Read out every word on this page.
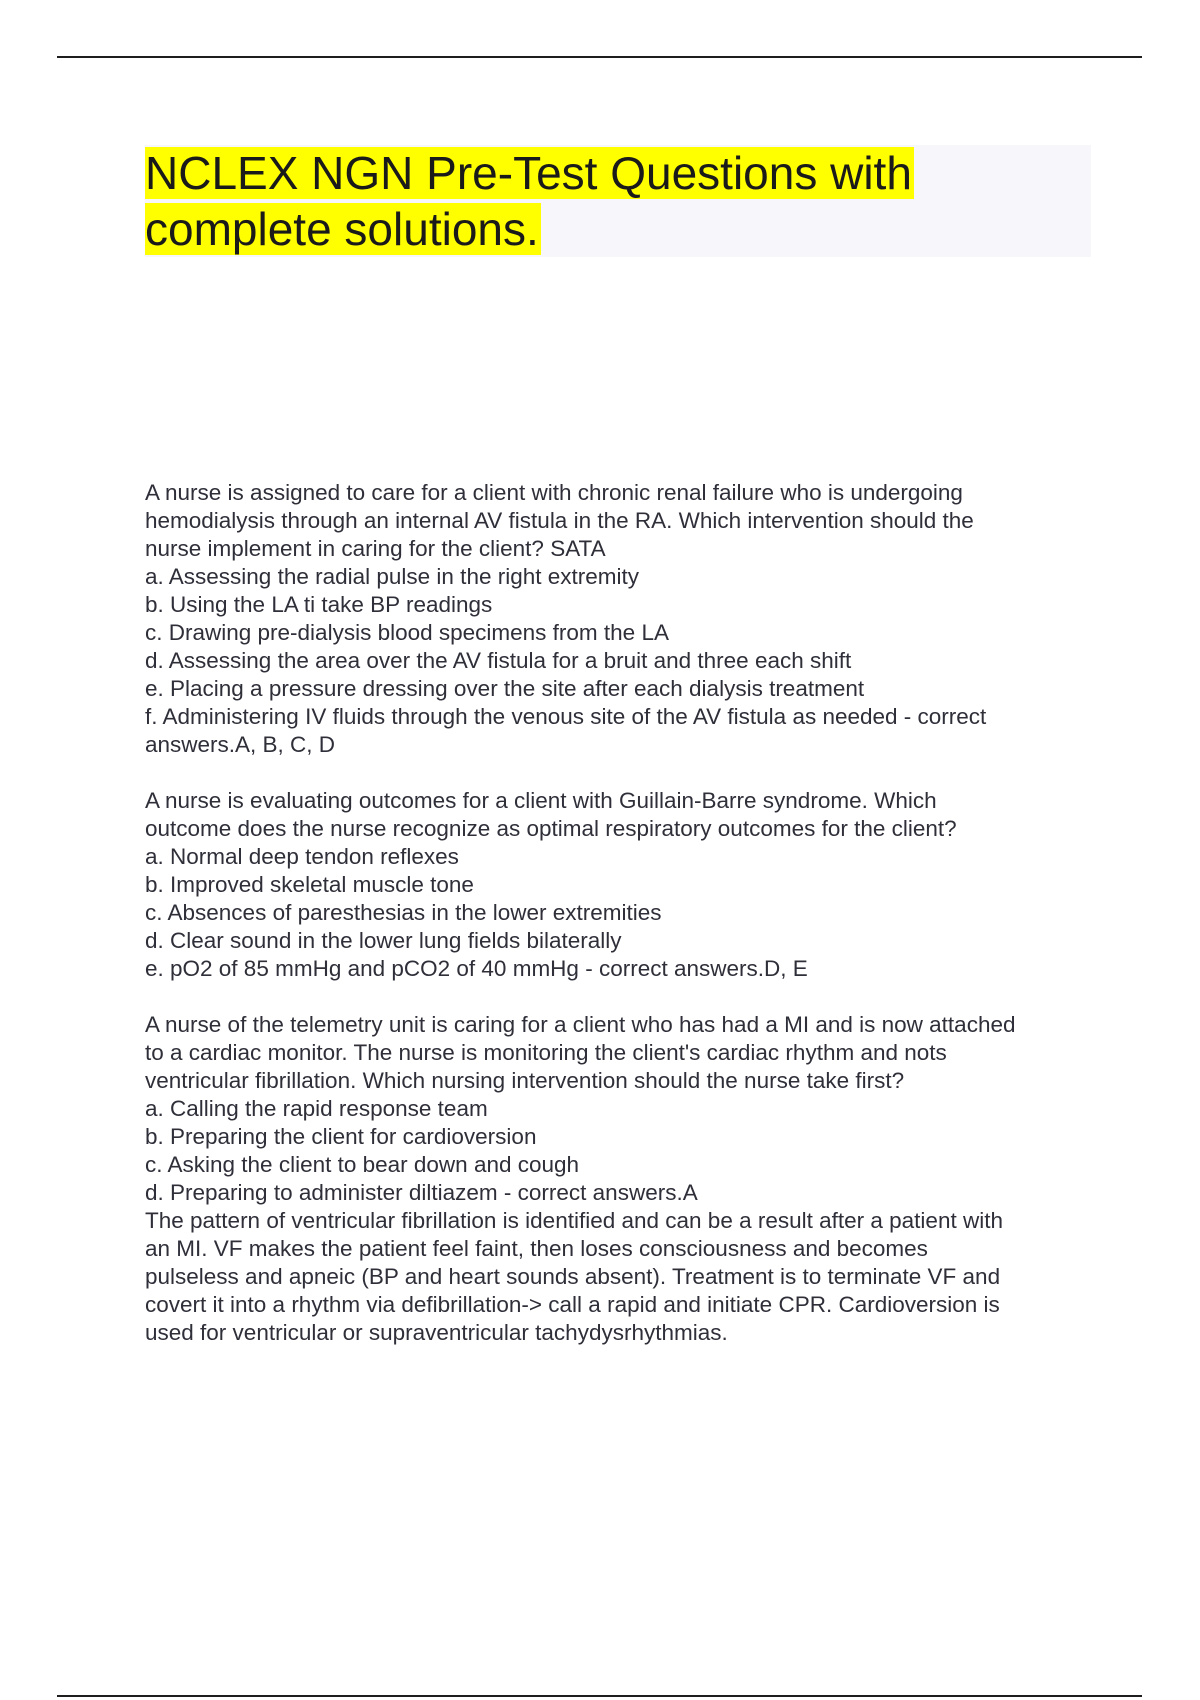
NCLEX NGN Pre-Test Questions with complete solutions.
A nurse is assigned to care for a client with chronic renal failure who is undergoing
hemodialysis through an internal AV fistula in the RA. Which intervention should the
nurse implement in caring for the client? SATA
a. Assessing the radial pulse in the right extremity
b. Using the LA ti take BP readings
c. Drawing pre-dialysis blood specimens from the LA
d. Assessing the area over the AV fistula for a bruit and three each shift
e. Placing a pressure dressing over the site after each dialysis treatment
f. Administering IV fluids through the venous site of the AV fistula as needed - correct
answers.A, B, C, D
A nurse is evaluating outcomes for a client with Guillain-Barre syndrome. Which
outcome does the nurse recognize as optimal respiratory outcomes for the client?
a. Normal deep tendon reflexes
b. Improved skeletal muscle tone
c. Absences of paresthesias in the lower extremities
d. Clear sound in the lower lung fields bilaterally
e. pO2 of 85 mmHg and pCO2 of 40 mmHg - correct answers.D, E
A nurse of the telemetry unit is caring for a client who has had a MI and is now attached
to a cardiac monitor. The nurse is monitoring the client's cardiac rhythm and nots
ventricular fibrillation. Which nursing intervention should the nurse take first?
a. Calling the rapid response team
b. Preparing the client for cardioversion
c. Asking the client to bear down and cough
d. Preparing to administer diltiazem - correct answers.A
The pattern of ventricular fibrillation is identified and can be a result after a patient with
an MI. VF makes the patient feel faint, then loses consciousness and becomes
pulseless and apneic (BP and heart sounds absent). Treatment is to terminate VF and
covert it into a rhythm via defibrillation-> call a rapid and initiate CPR. Cardioversion is
used for ventricular or supraventricular tachydysrhythmias.
